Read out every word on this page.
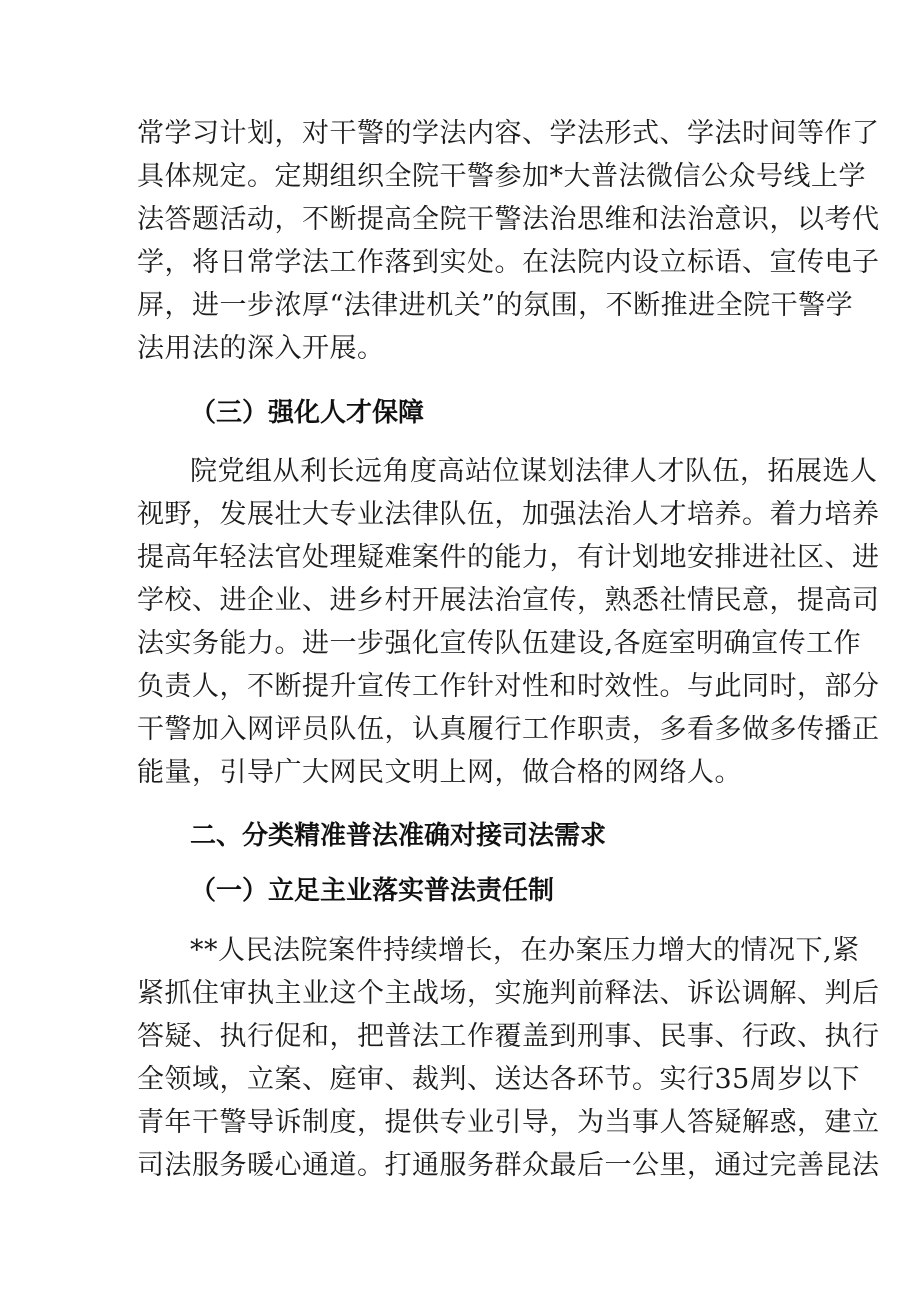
常学习计划，对干警的学法内容、学法形式、学法时间等作了
具体规定。定期组织全院干警参加*大普法微信公众号线上学
法答题活动，不断提高全院干警法治思维和法治意识，以考代
学，将日常学法工作落到实处。在法院内设立标语、宣传电子
屏，进一步浓厚“法律进机关”的氛围，不断推进全院干警学
法用法的深入开展。
（三）强化人才保障
院党组从利长远角度高站位谋划法律人才队伍，拓展选人
视野，发展壮大专业法律队伍，加强法治人才培养。着力培养
提高年轻法官处理疑难案件的能力，有计划地安排进社区、进
学校、进企业、进乡村开展法治宣传，熟悉社情民意，提高司
法实务能力。进一步强化宣传队伍建设,各庭室明确宣传工作
负责人，不断提升宣传工作针对性和时效性。与此同时，部分
干警加入网评员队伍，认真履行工作职责，多看多做多传播正
能量，引导广大网民文明上网，做合格的网络人。
二、分类精准普法准确对接司法需求
（一）立足主业落实普法责任制
**人民法院案件持续增长，在办案压力增大的情况下,紧
紧抓住审执主业这个主战场，实施判前释法、诉讼调解、判后
答疑、执行促和，把普法工作覆盖到刑事、民事、行政、执行
全领域，立案、庭审、裁判、送达各环节。实行35周岁以下
青年干警导诉制度，提供专业引导，为当事人答疑解惑，建立
司法服务暖心通道。打通服务群众最后一公里，通过完善昆法
